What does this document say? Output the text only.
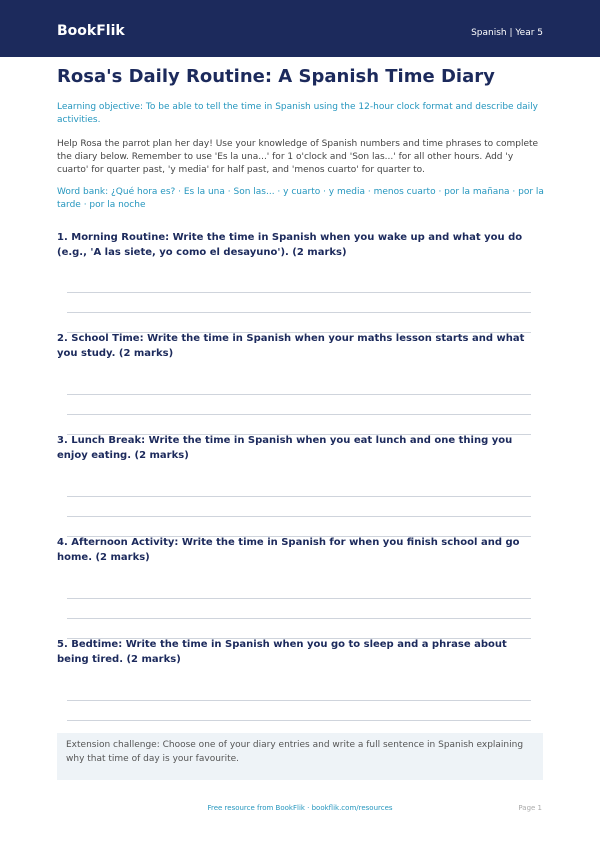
BookFlik	Spanish | Year 5
Rosa's Daily Routine: A Spanish Time Diary
Learning objective: To be able to tell the time in Spanish using the 12-hour clock format and describe daily activities.
Help Rosa the parrot plan her day! Use your knowledge of Spanish numbers and time phrases to complete the diary below. Remember to use 'Es la una...' for 1 o'clock and 'Son las...' for all other hours. Add 'y cuarto' for quarter past, 'y media' for half past, and 'menos cuarto' for quarter to.
Word bank: ¿Qué hora es? · Es la una · Son las... · y cuarto · y media · menos cuarto · por la mañana · por la tarde · por la noche
1. Morning Routine: Write the time in Spanish when you wake up and what you do (e.g., 'A las siete, yo como el desayuno'). (2 marks)
2. School Time: Write the time in Spanish when your maths lesson starts and what you study. (2 marks)
3. Lunch Break: Write the time in Spanish when you eat lunch and one thing you enjoy eating. (2 marks)
4. Afternoon Activity: Write the time in Spanish for when you finish school and go home. (2 marks)
5. Bedtime: Write the time in Spanish when you go to sleep and a phrase about being tired. (2 marks)
Extension challenge: Choose one of your diary entries and write a full sentence in Spanish explaining why that time of day is your favourite.
Free resource from BookFlik · bookflik.com/resources	Page 1
